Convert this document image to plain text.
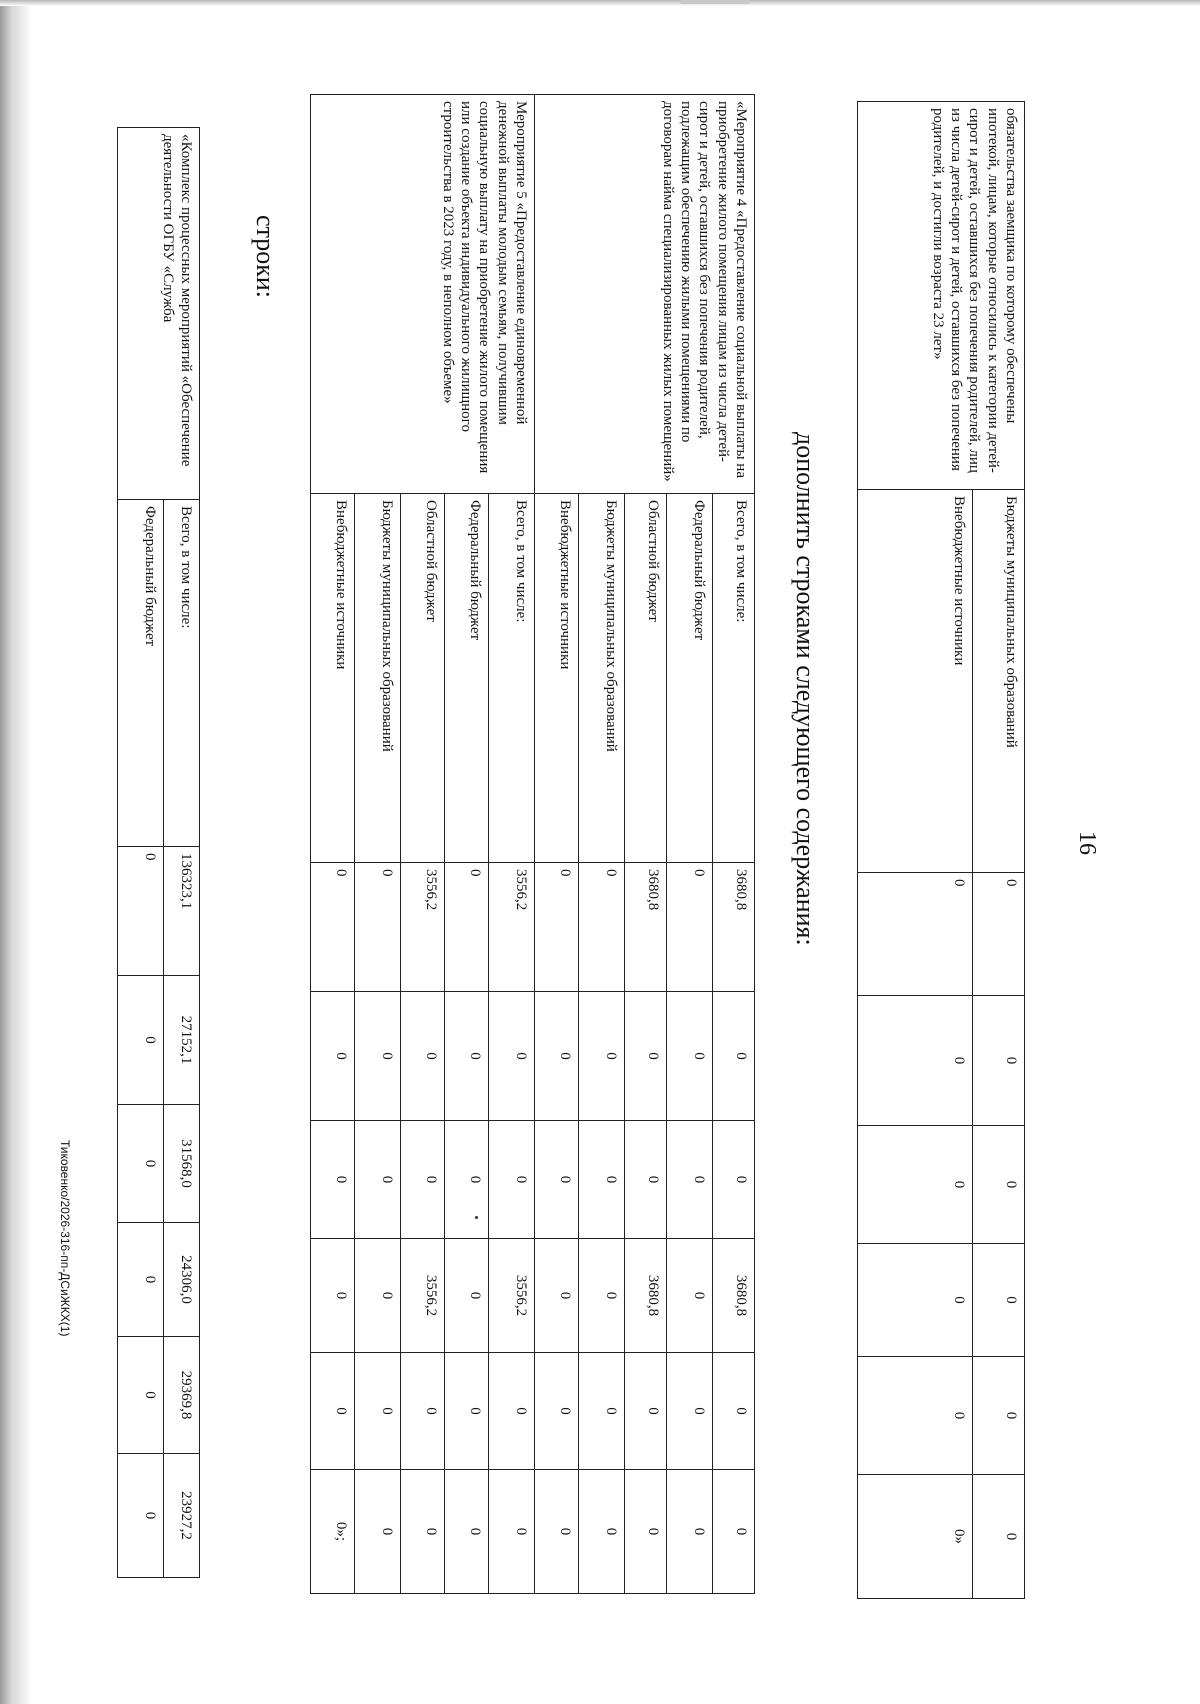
16
обязательства заемщика по которому обеспечены ипотекой, лицам, которые относились к категории детей-сирот и детей, оставшихся без попечения родителей, лиц из числа детей-сирот и детей, оставшихся без попечения родителей, и достигли возраста 23 лет»	Бюджеты муниципальных образований	0	0	0	0	0	0
	Внебюджетные источники	0	0	0	0	0	0»
дополнить строками следующего содержания:
«Мероприятие 4 «Предоставление социальной выплаты на приобретение жилого помещения лицам из числа детей-сирот и детей, оставшихся без попечения родителей, подлежащим обеспечению жилыми помещениями по договорам найма специализированных жилых помещений»	Всего, в том числе:	3680,8	0	0	3680,8	0	0
	Федеральный бюджет	0	0	0	0	0	0
	Областной бюджет	3680,8	0	0	3680,8	0	0
	Бюджеты муниципальных образований	0	0	0	0	0	0
	Внебюджетные источники	0	0	0	0	0	0
Мероприятие 5 «Предоставление единовременной денежной выплаты молодым семьям, получившим социальную выплату на приобретение жилого помещения или создание объекта индивидуального жилищного строительства в 2023 году, в неполном объеме»	Всего, в том числе:	3556,2	0	0	3556,2	0	0
	Федеральный бюджет	0	0	0	0	0	0
	Областной бюджет	3556,2	0	0	3556,2	0	0
	Бюджеты муниципальных образований	0	0	0	0	0	0
	Внебюджетные источники	0	0	0	0	0	0»;
строки:
«Комплекс процессных мероприятий «Обеспечение деятельности ОГБУ «Служба	Всего, в том числе:	136323,1	27152,1	31568,0	24306,0	29369,8	23927,2
	Федеральный бюджет	0	0	0	0	0	0
Тиковенко/2026-316-пп-ДСиЖКХ(1)
